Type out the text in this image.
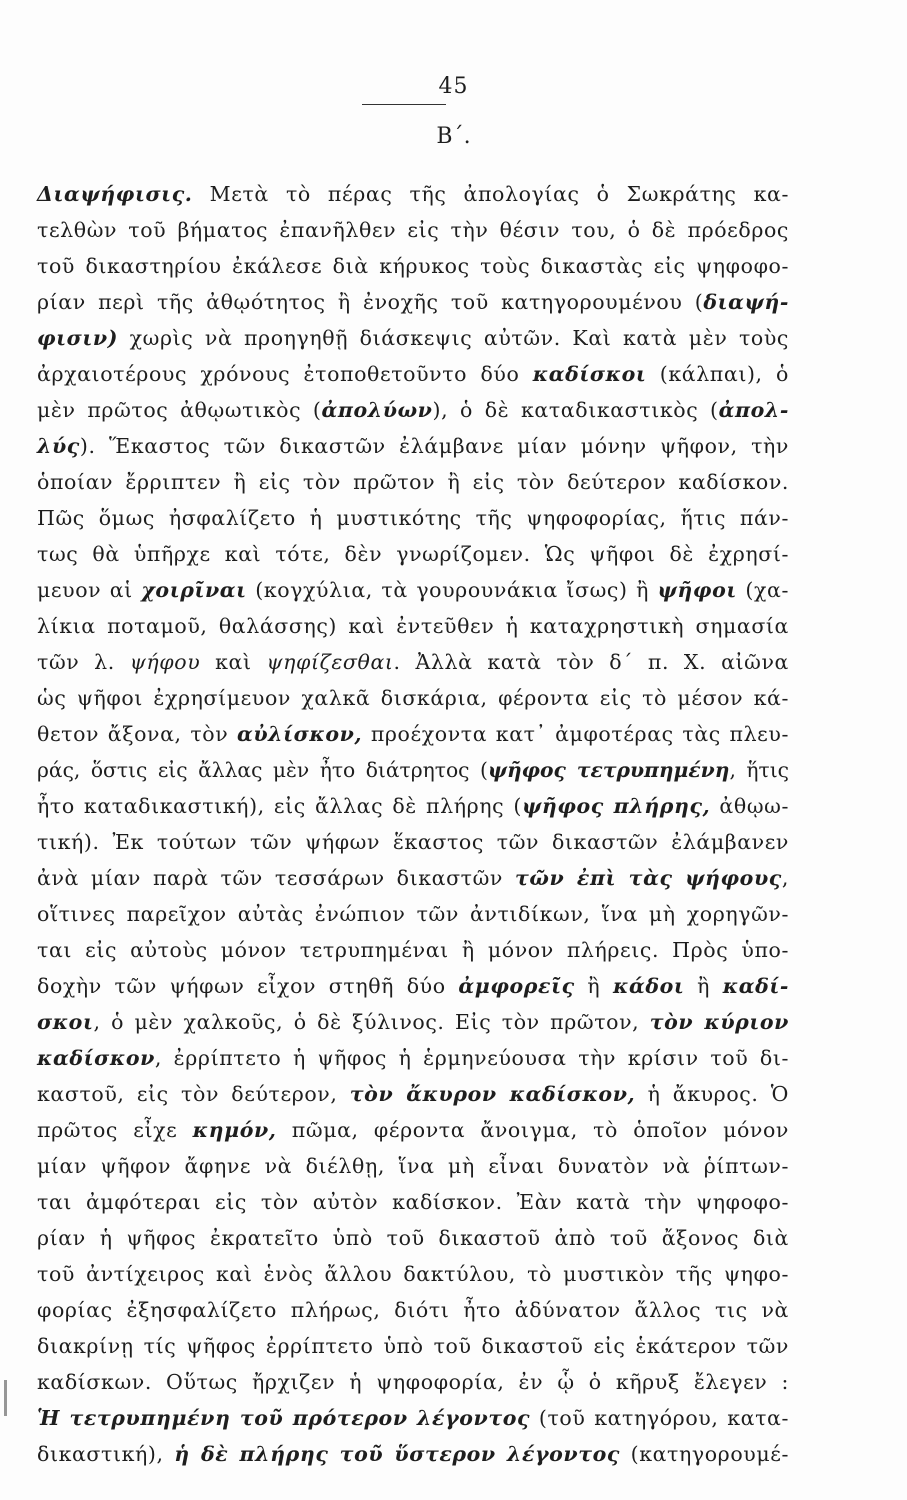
45
Β΄.
Διαψήφισις. Μετὰ τὸ πέρας τῆς ἀπολογίας ὁ Σωκράτης κα-
τελθὼν τοῦ βήματος ἐπανῆλθεν εἰς τὴν θέσιν του, ὁ δὲ πρόεδρος
τοῦ δικαστηρίου ἐκάλεσε διὰ κήρυκος τοὺς δικαστὰς εἰς ψηφοφο-
ρίαν περὶ τῆς ἀθῳότητος ἢ ἐνοχῆς τοῦ κατηγορουμένου (διαψή-
φισιν) χωρὶς νὰ προηγηθῇ διάσκεψις αὐτῶν. Καὶ κατὰ μὲν τοὺς
ἀρχαιοτέρους χρόνους ἐτοποθετοῦντο δύο καδίσκοι (κάλπαι), ὁ
μὲν πρῶτος ἀθῳωτικὸς (ἀπολύων), ὁ δὲ καταδικαστικὸς (ἀπολ-
λύς). Ἕκαστος τῶν δικαστῶν ἐλάμβανε μίαν μόνην ψῆφον, τὴν
ὁποίαν ἔρριπτεν ἢ εἰς τὸν πρῶτον ἢ εἰς τὸν δεύτερον καδίσκον.
Πῶς ὅμως ἠσφαλίζετο ἡ μυστικότης τῆς ψηφοφορίας, ἥτις πάν-
τως θὰ ὑπῆρχε καὶ τότε, δὲν γνωρίζομεν. Ὡς ψῆφοι δὲ ἐχρησί-
μευον αἱ χοιρῖναι (κογχύλια, τὰ γουρουνάκια ἴσως) ἢ ψῆφοι (χα-
λίκια ποταμοῦ, θαλάσσης) καὶ ἐντεῦθεν ἡ καταχρηστικὴ σημασία
τῶν λ. ψήφου καὶ ψηφίζεσθαι. Ἀλλὰ κατὰ τὸν δ΄ π. Χ. αἰῶνα
ὡς ψῆφοι ἐχρησίμευον χαλκᾶ δισκάρια, φέροντα εἰς τὸ μέσον κά-
θετον ἄξονα, τὸν αὐλίσκον, προέχοντα κατ᾽ ἀμφοτέρας τὰς πλευ-
ράς, ὅστις εἰς ἄλλας μὲν ἦτο διάτρητος (ψῆφος τετρυπημένη, ἥτις
ἦτο καταδικαστική), εἰς ἄλλας δὲ πλήρης (ψῆφος πλήρης, ἀθῳω-
τική). Ἐκ τούτων τῶν ψήφων ἕκαστος τῶν δικαστῶν ἐλάμβανεν
ἀνὰ μίαν παρὰ τῶν τεσσάρων δικαστῶν τῶν ἐπὶ τὰς ψήφους,
οἵτινες παρεῖχον αὐτὰς ἐνώπιον τῶν ἀντιδίκων, ἵνα μὴ χορηγῶν-
ται εἰς αὐτοὺς μόνον τετρυπημέναι ἢ μόνον πλήρεις. Πρὸς ὑπο-
δοχὴν τῶν ψήφων εἶχον στηθῆ δύο ἀμφορεῖς ἢ κάδοι ἢ καδί-
σκοι, ὁ μὲν χαλκοῦς, ὁ δὲ ξύλινος. Εἰς τὸν πρῶτον, τὸν κύριον
καδίσκον, ἐρρίπτετο ἡ ψῆφος ἡ ἑρμηνεύουσα τὴν κρίσιν τοῦ δι-
καστοῦ, εἰς τὸν δεύτερον, τὸν ἄκυρον καδίσκον, ἡ ἄκυρος. Ὁ
πρῶτος εἶχε κημόν, πῶμα, φέροντα ἄνοιγμα, τὸ ὁποῖον μόνον
μίαν ψῆφον ἄφηνε νὰ διέλθῃ, ἵνα μὴ εἶναι δυνατὸν νὰ ῥίπτων-
ται ἀμφότεραι εἰς τὸν αὐτὸν καδίσκον. Ἐὰν κατὰ τὴν ψηφοφο-
ρίαν ἡ ψῆφος ἐκρατεῖτο ὑπὸ τοῦ δικαστοῦ ἀπὸ τοῦ ἄξονος διὰ
τοῦ ἀντίχειρος καὶ ἑνὸς ἄλλου δακτύλου, τὸ μυστικὸν τῆς ψηφο-
φορίας ἐξησφαλίζετο πλήρως, διότι ἦτο ἀδύνατον ἄλλος τις νὰ
διακρίνῃ τίς ψῆφος ἐρρίπτετο ὑπὸ τοῦ δικαστοῦ εἰς ἑκάτερον τῶν
καδίσκων. Οὕτως ἤρχιζεν ἡ ψηφοφορία, ἐν ᾧ ὁ κῆρυξ ἔλεγεν :
Ἡ τετρυπημένη τοῦ πρότερον λέγοντος (τοῦ κατηγόρου, κατα-
δικαστική), ἡ δὲ πλήρης τοῦ ὕστερον λέγοντος (κατηγορουμέ-
